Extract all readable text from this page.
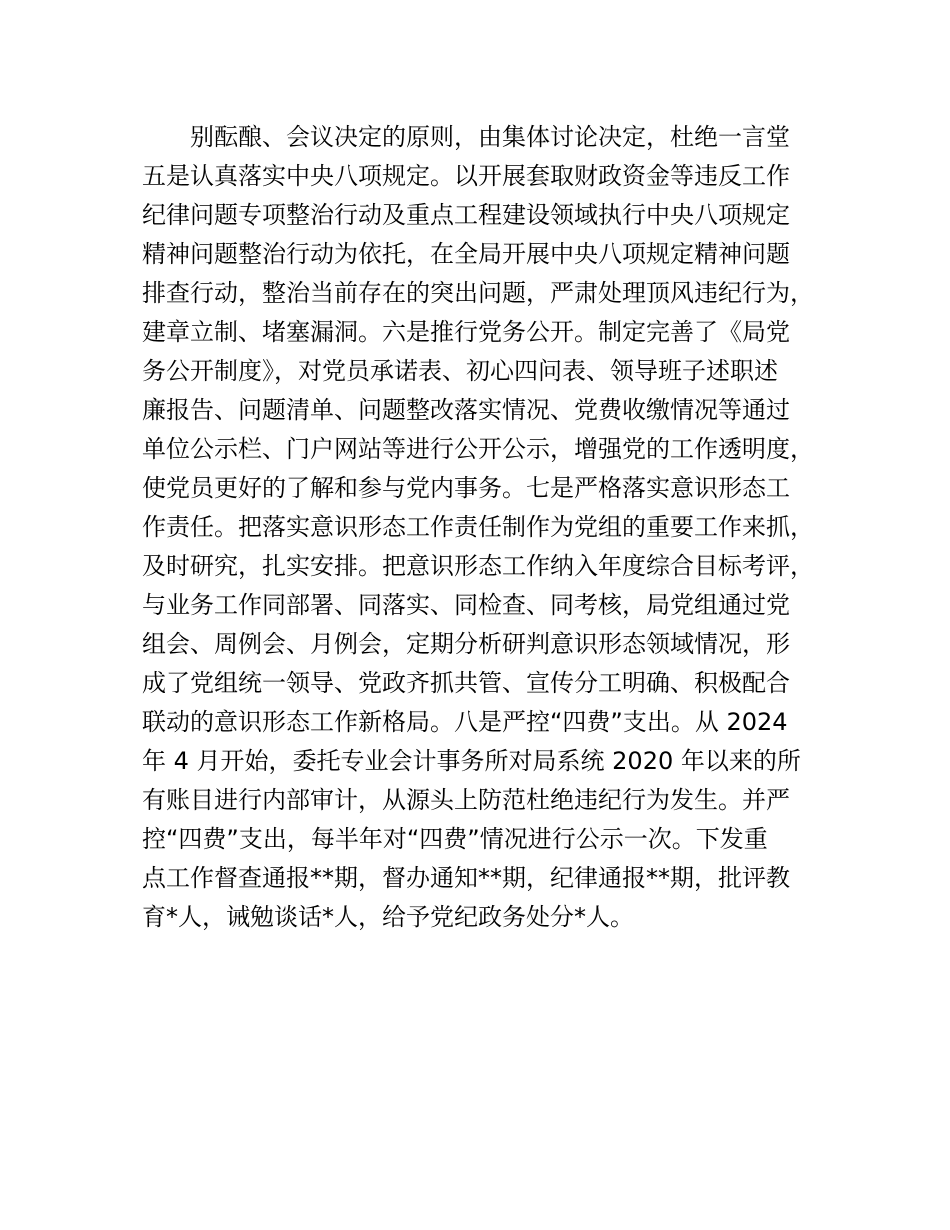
别酝酿、会议决定的原则，由集体讨论决定，杜绝一言堂
五是认真落实中央八项规定。以开展套取财政资金等违反工作
纪律问题专项整治行动及重点工程建设领域执行中央八项规定
精神问题整治行动为依托，在全局开展中央八项规定精神问题
排查行动，整治当前存在的突出问题，严肃处理顶风违纪行为，
建章立制、堵塞漏洞。六是推行党务公开。制定完善了《局党
务公开制度》，对党员承诺表、初心四问表、领导班子述职述
廉报告、问题清单、问题整改落实情况、党费收缴情况等通过
单位公示栏、门户网站等进行公开公示，增强党的工作透明度，
使党员更好的了解和参与党内事务。七是严格落实意识形态工
作责任。把落实意识形态工作责任制作为党组的重要工作来抓，
及时研究，扎实安排。把意识形态工作纳入年度综合目标考评，
与业务工作同部署、同落实、同检查、同考核，局党组通过党
组会、周例会、月例会，定期分析研判意识形态领域情况，形
成了党组统一领导、党政齐抓共管、宣传分工明确、积极配合
联动的意识形态工作新格局。八是严控“四费”支出。从 2024
年 4 月开始，委托专业会计事务所对局系统 2020 年以来的所
有账目进行内部审计，从源头上防范杜绝违纪行为发生。并严
控“四费”支出，每半年对“四费”情况进行公示一次。下发重
点工作督查通报**期，督办通知**期，纪律通报**期，批评教
育*人，诫勉谈话*人，给予党纪政务处分*人。
